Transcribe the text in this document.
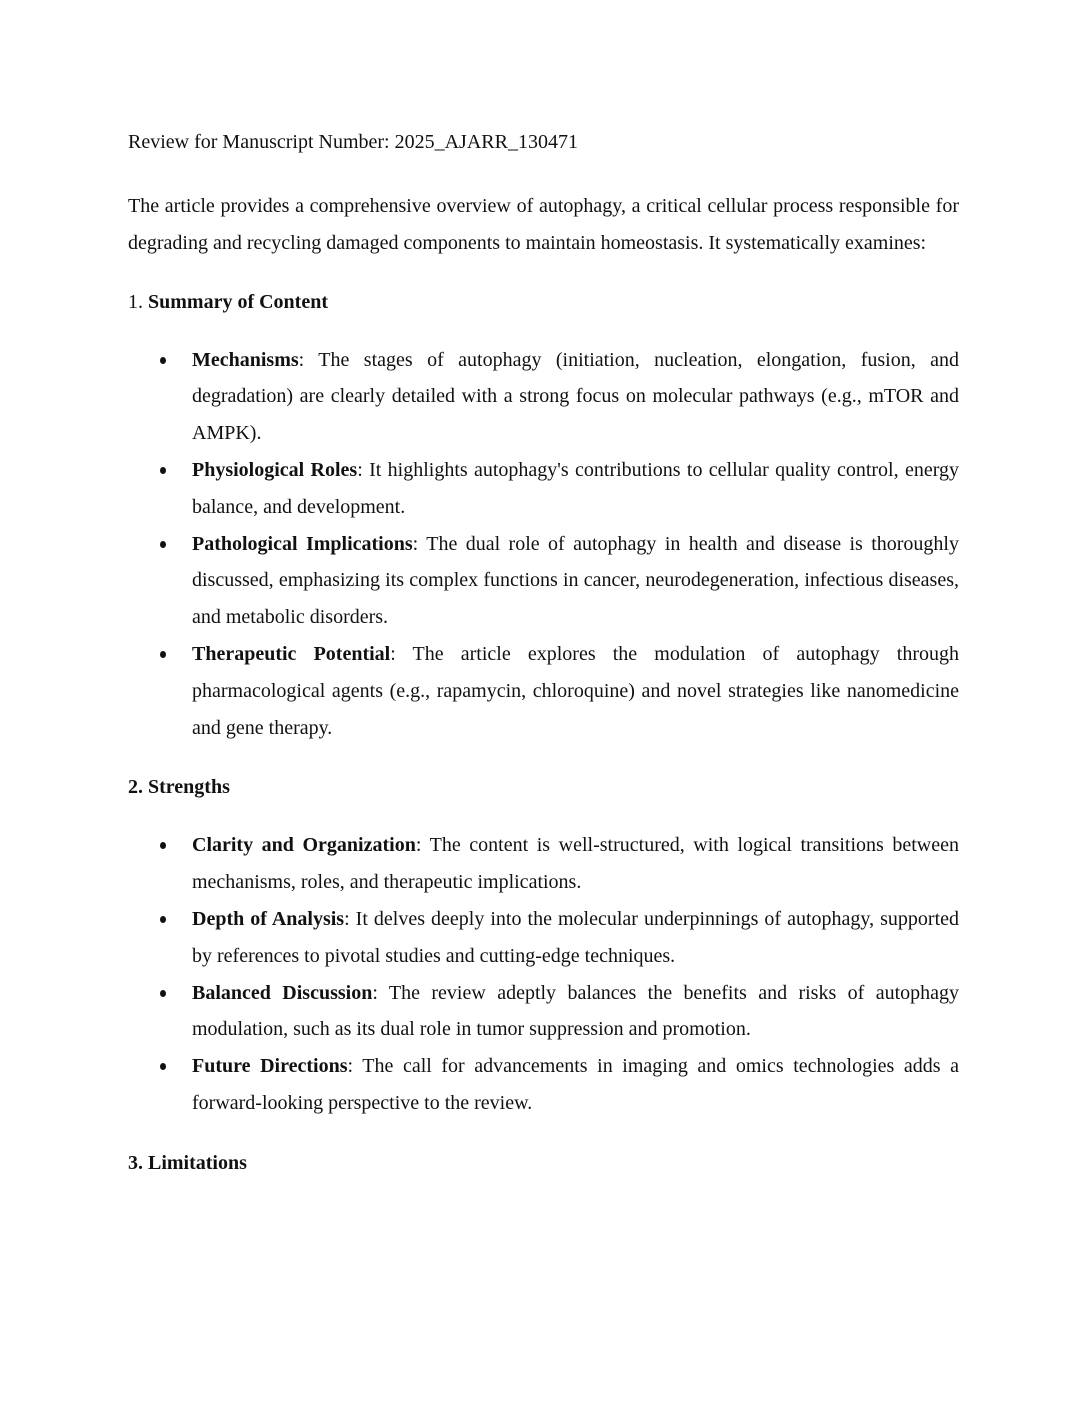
Review for Manuscript Number: 2025_AJARR_130471
The article provides a comprehensive overview of autophagy, a critical cellular process responsible for degrading and recycling damaged components to maintain homeostasis. It systematically examines:
1. Summary of Content
Mechanisms: The stages of autophagy (initiation, nucleation, elongation, fusion, and degradation) are clearly detailed with a strong focus on molecular pathways (e.g., mTOR and AMPK).
Physiological Roles: It highlights autophagy's contributions to cellular quality control, energy balance, and development.
Pathological Implications: The dual role of autophagy in health and disease is thoroughly discussed, emphasizing its complex functions in cancer, neurodegeneration, infectious diseases, and metabolic disorders.
Therapeutic Potential: The article explores the modulation of autophagy through pharmacological agents (e.g., rapamycin, chloroquine) and novel strategies like nanomedicine and gene therapy.
2. Strengths
Clarity and Organization: The content is well-structured, with logical transitions between mechanisms, roles, and therapeutic implications.
Depth of Analysis: It delves deeply into the molecular underpinnings of autophagy, supported by references to pivotal studies and cutting-edge techniques.
Balanced Discussion: The review adeptly balances the benefits and risks of autophagy modulation, such as its dual role in tumor suppression and promotion.
Future Directions: The call for advancements in imaging and omics technologies adds a forward-looking perspective to the review.
3. Limitations
